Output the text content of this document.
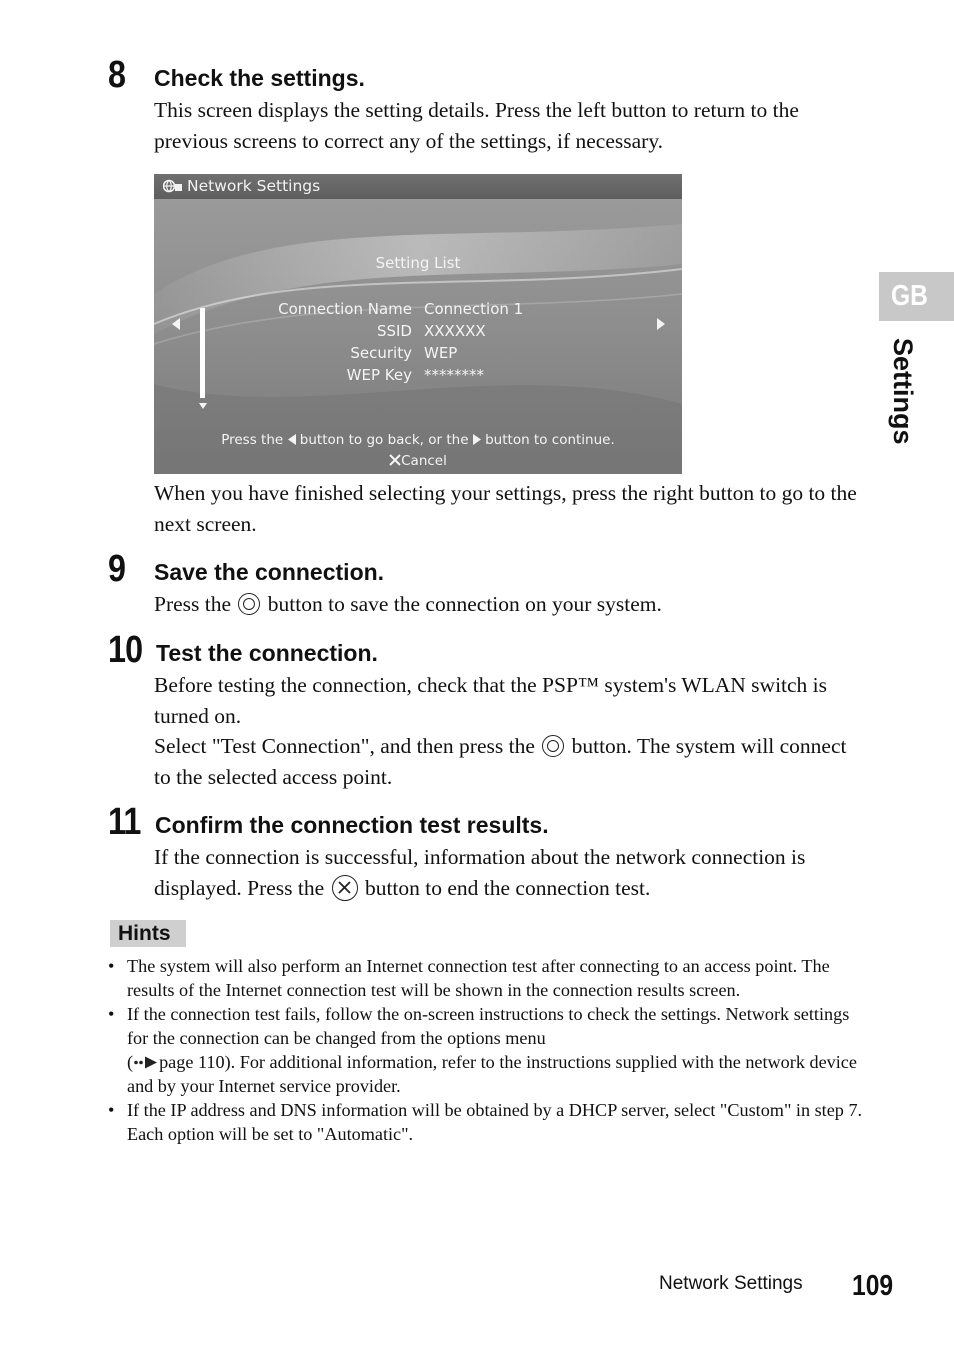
GB
Settings
8 Check the settings.

This screen displays the setting details. Press the left button to return to the previous screens to correct any of the settings, if necessary.

Network Settings
Setting List
Connection Name Connection 1
SSID XXXXXX
Security WEP
WEP Key ********
Press the button to go back, or the button to continue.
Cancel

When you have finished selecting your settings, press the right button to go to the next screen.

9 Save the connection.

Press the button to save the connection on your system.

10 Test the connection.

Before testing the connection, check that the PSP™ system's WLAN switch is turned on.

Select "Test Connection", and then press the button. The system will connect to the selected access point.

11 Confirm the connection test results.

If the connection is successful, information about the network connection is displayed. Press the button to end the connection test.

Hints
• The system will also perform an Internet connection test after connecting to an access point. The results of the Internet connection test will be shown in the connection results screen.
• If the connection test fails, follow the on-screen instructions to check the settings. Network settings for the connection can be changed from the options menu
( page 110). For additional information, refer to the instructions supplied with the network device and by your Internet service provider.
• If the IP address and DNS information will be obtained by a DHCP server, select "Custom" in step 7. Each option will be set to "Automatic".
Network Settings 109
